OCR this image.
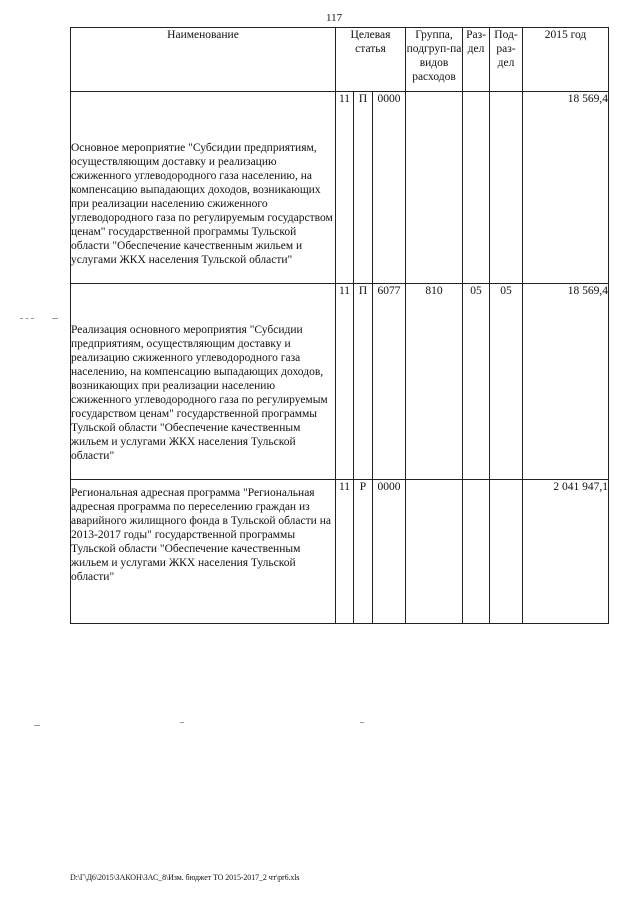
117
Наименование	Целевая статья			Группа, подгруп-па видов расходов	Раз-дел	Под-раз-дел	2015 год
Основное мероприятие "Субсидии предприятиям, осуществляющим доставку и реализацию сжиженного углеводородного газа населению, на компенсацию выпадающих доходов, возникающих при реализации населению сжиженного углеводородного газа по регулируемым государством ценам" государственной программы Тульской области "Обеспечение качественным жильем и услугами ЖКХ населения Тульской области"	11	П	0000				18 569,4
Реализация основного мероприятия "Субсидии предприятиям, осуществляющим доставку и реализацию сжиженного углеводородного газа населению, на компенсацию выпадающих доходов, возникающих при реализации населению сжиженного углеводородного газа по регулируемым государством ценам" государственной программы Тульской области "Обеспечение качественным жильем и услугами ЖКХ населения Тульской области"	11	П	6077	810	05	05	18 569,4
Региональная адресная программа "Региональная адресная программа по переселению граждан из аварийного жилищного фонда в Тульской области на 2013-2017 годы" государственной программы Тульской области "Обеспечение качественным жильем и услугами ЖКХ населения Тульской области"	11	Р	0000				2 041 947,1
D:\Г\Д6\2015\ЗАКОН\ЗАС_8\Изм. бюджет ТО 2015-2017_2 чт\pr6.xls
